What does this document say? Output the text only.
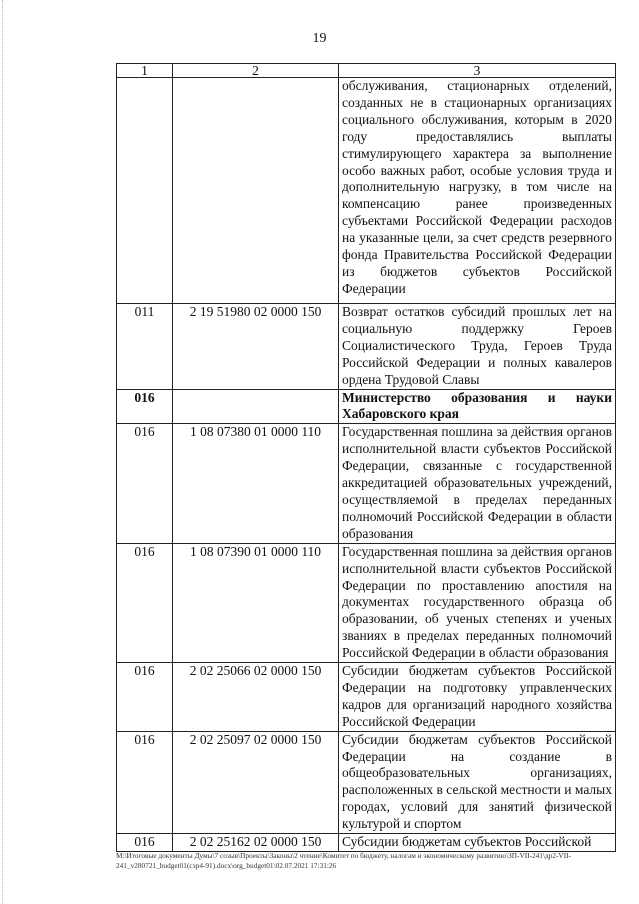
19
1	2	3
		обслуживания, стационарных отделений, созданных не в стационарных организациях социального обслуживания, которым в 2020 году предоставлялись выплаты стимулирующего характера за выполнение особо важных работ, особые условия труда и дополнительную нагрузку, в том числе на компенсацию ранее произведенных субъектами Российской Федерации расходов на указанные цели, за счет средств резервного фонда Правительства Российской Федерации из бюджетов субъектов Российской Федерации
011	2 19 51980 02 0000 150	Возврат остатков субсидий прошлых лет на социальную поддержку Героев Социалистического Труда, Героев Труда Российской Федерации и полных кавалеров ордена Трудовой Славы
016		Министерство образования и науки Хабаровского края
016	1 08 07380 01 0000 110	Государственная пошлина за действия органов исполнительной власти субъектов Российской Федерации, связанные с государственной аккредитацией образовательных учреждений, осуществляемой в пределах переданных полномочий Российской Федерации в области образования
016	1 08 07390 01 0000 110	Государственная пошлина за действия органов исполнительной власти субъектов Российской Федерации по проставлению апостиля на документах государственного образца об образовании, об ученых степенях и ученых званиях в пределах переданных полномочий Российской Федерации в области образования
016	2 02 25066 02 0000 150	Субсидии бюджетам субъектов Российской Федерации на подготовку управленческих кадров для организаций народного хозяйства Российской Федерации
016	2 02 25097 02 0000 150	Субсидии бюджетам субъектов Российской Федерации на создание в общеобразовательных организациях, расположенных в сельской местности и малых городах, условий для занятий физической культурой и спортом
016	2 02 25162 02 0000 150	Субсидии бюджетам субъектов Российской
M:\Итоговые документы Думы\7 созыв\Проекты\Законы\2 чтение\Комитет по бюджету, налогам и экономическому развитию\ЗП-VII-241\др2-VII-241_v280721_budget01(сзр4-91).docx\org_budget01\02.07.2021 17:31:26
